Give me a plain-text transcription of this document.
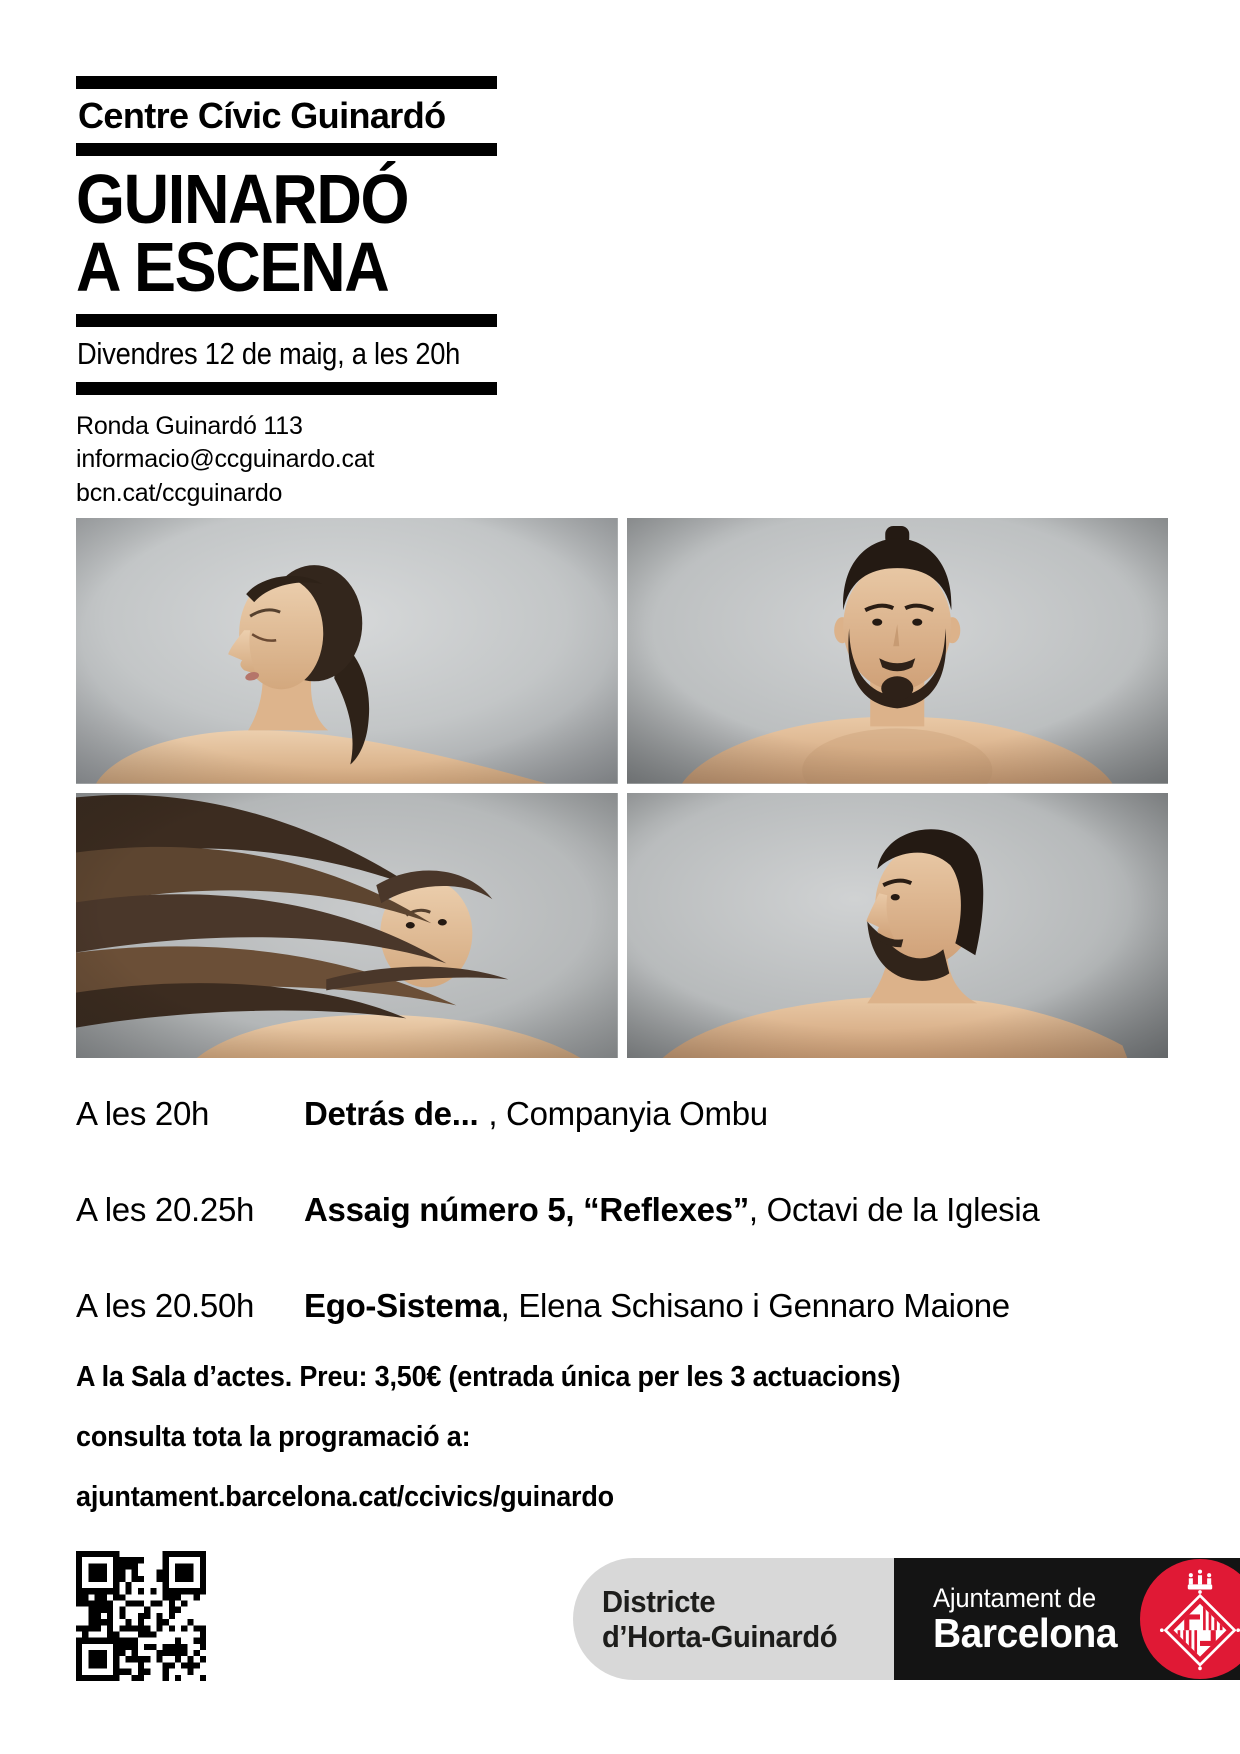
Centre Cívic Guinardó
GUINARDÓ
A ESCENA
Divendres 12 de maig, a les 20h
Ronda Guinardó 113
informacio@ccguinardo.cat
bcn.cat/ccguinardo
A les 20h	Detrás de... , Companyia Ombu
A les 20.25h	Assaig número 5, “Reflexes” , Octavi de la Iglesia
A les 20.50h	Ego-Sistema , Elena Schisano i Gennaro Maione
A la Sala d’actes. Preu: 3,50€ (entrada única per les 3 actuacions)
consulta tota la programació a:
ajuntament.barcelona.cat/ccivics/guinardo
Districte
d’Horta-Guinardó
Ajuntament de
Barcelona
